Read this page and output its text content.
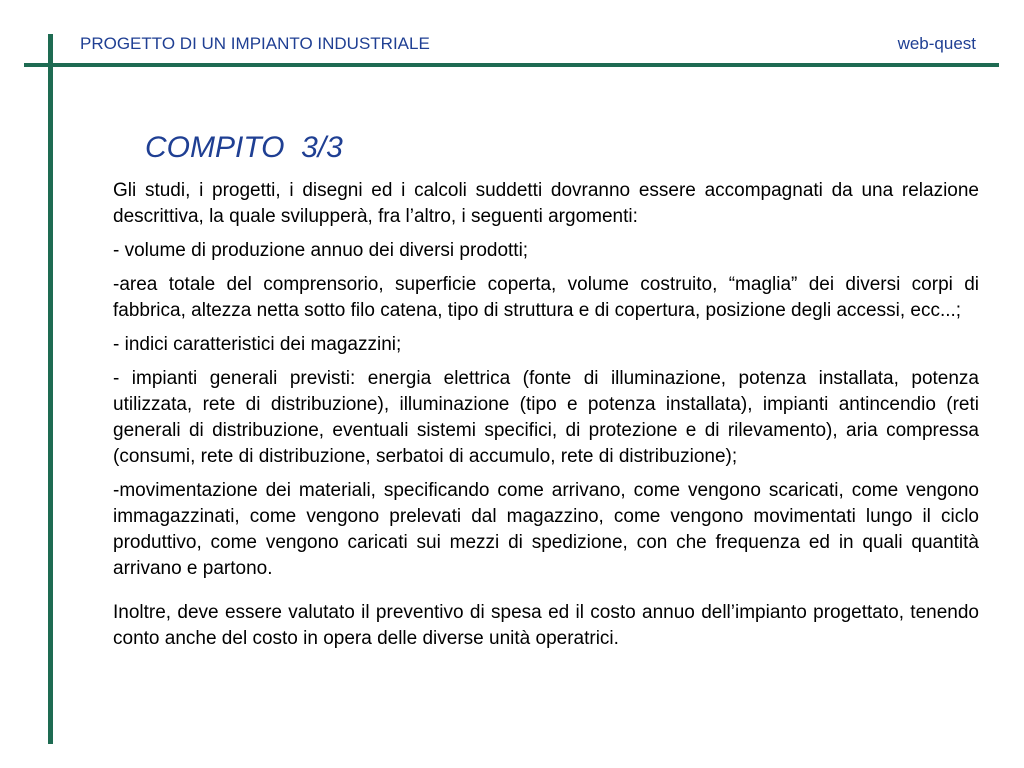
PROGETTO DI UN IMPIANTO INDUSTRIALE	web-quest
COMPITO  3/3

Gli studi, i progetti, i disegni ed i calcoli suddetti dovranno essere accompagnati da una relazione descrittiva, la quale svilupperà, fra l’altro, i seguenti argomenti:

- volume di produzione annuo dei diversi prodotti;

-area totale del comprensorio, superficie coperta, volume costruito, “maglia” dei diversi corpi di fabbrica, altezza netta sotto filo catena, tipo di struttura e di copertura, posizione degli accessi, ecc...;

- indici caratteristici dei magazzini;

- impianti generali previsti: energia elettrica (fonte di illuminazione, potenza installata, potenza utilizzata, rete di distribuzione), illuminazione (tipo e potenza installata), impianti antincendio (reti generali di distribuzione, eventuali sistemi specifici, di protezione e di rilevamento), aria compressa (consumi, rete di distribuzione, serbatoi di accumulo, rete di distribuzione);

-movimentazione dei materiali, specificando come arrivano, come vengono scaricati, come vengono immagazzinati, come vengono prelevati dal magazzino, come vengono movimentati lungo il ciclo produttivo, come vengono caricati sui mezzi di spedizione, con che frequenza ed in quali quantità arrivano e partono.

Inoltre, deve essere valutato il preventivo di spesa ed il costo annuo dell’impianto progettato, tenendo conto anche del costo in opera delle diverse unità operatrici.
